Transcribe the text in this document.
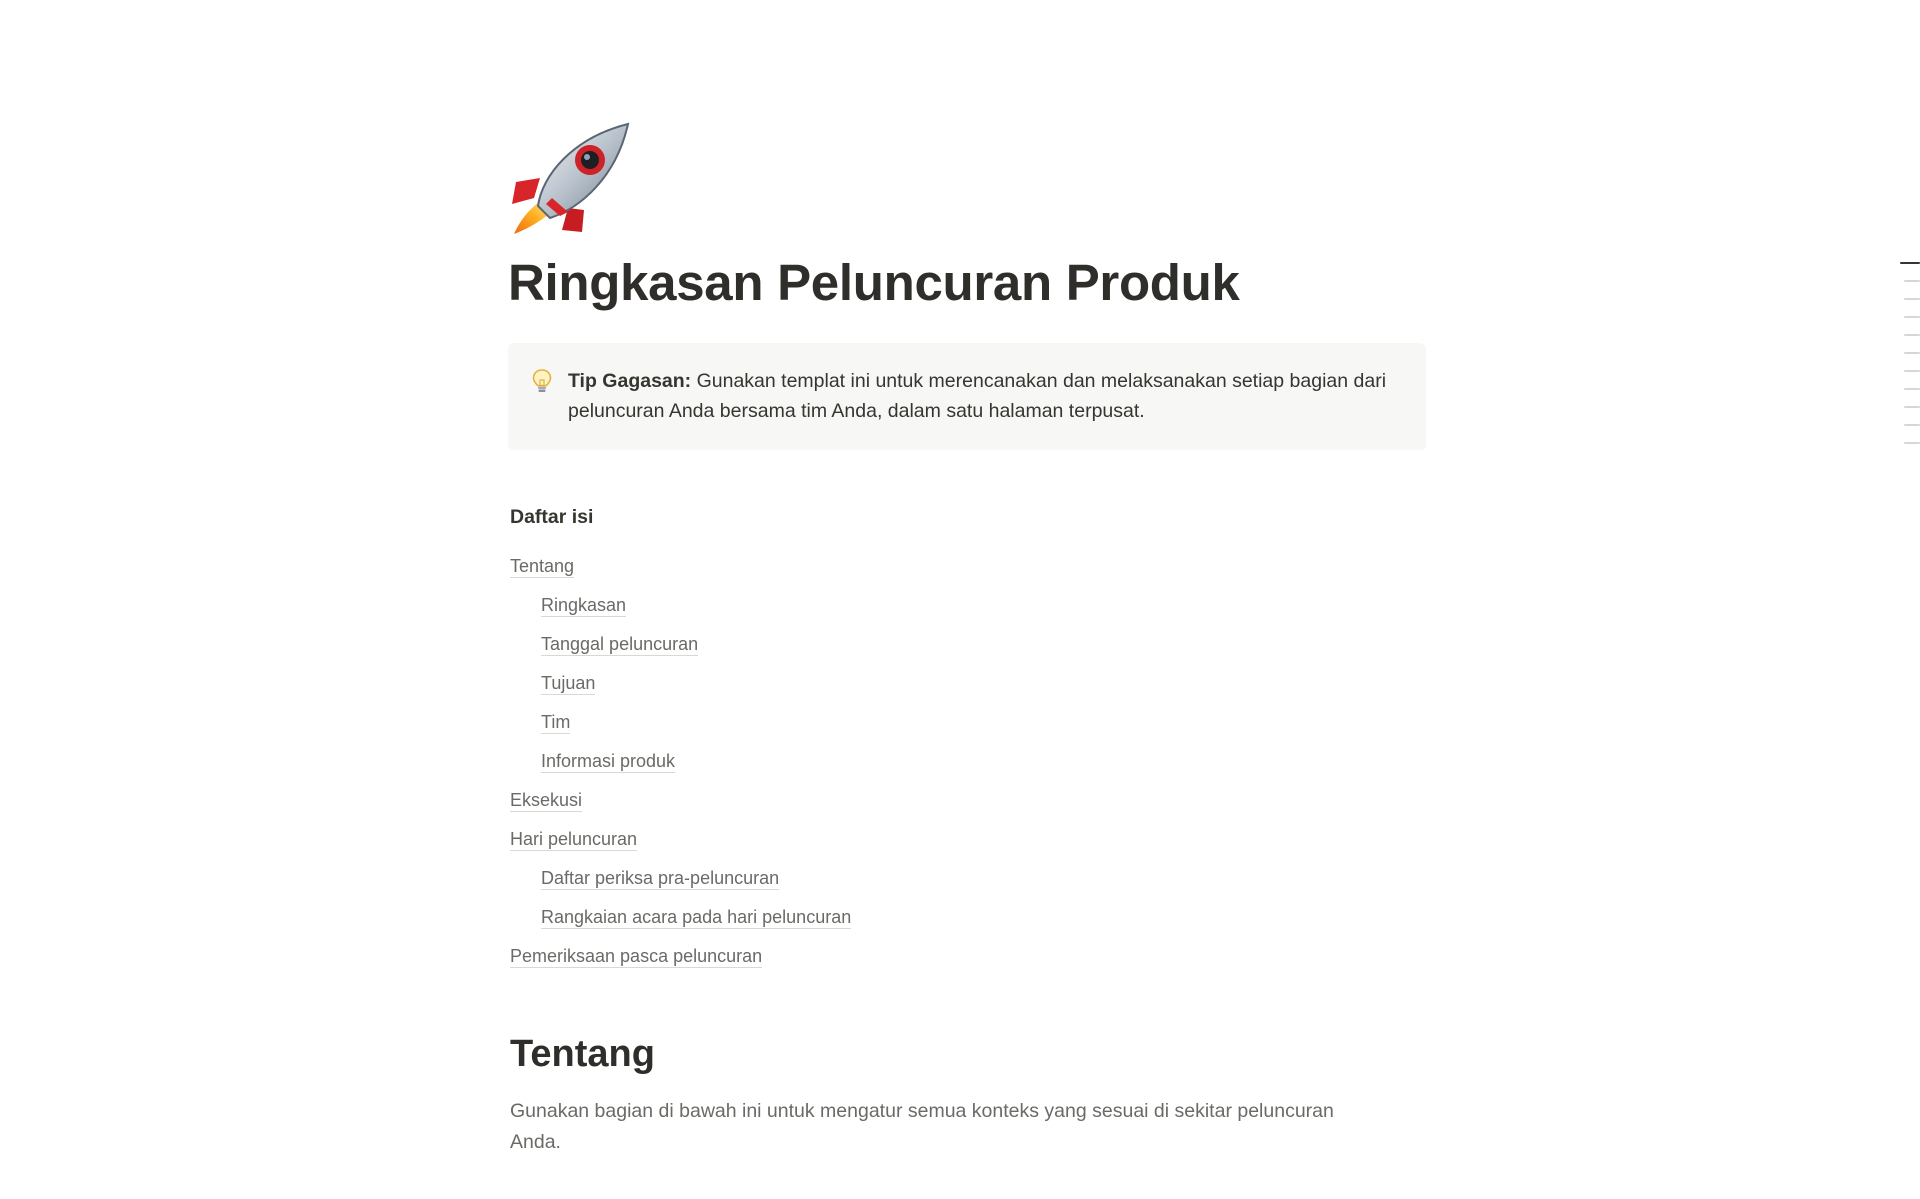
Ringkasan Peluncuran Produk
Tip Gagasan: Gunakan templat ini untuk merencanakan dan melaksanakan setiap bagian dari peluncuran Anda bersama tim Anda, dalam satu halaman terpusat.
Daftar isi
Tentang
Ringkasan
Tanggal peluncuran
Tujuan
Tim
Informasi produk
Eksekusi
Hari peluncuran
Daftar periksa pra-peluncuran
Rangkaian acara pada hari peluncuran
Pemeriksaan pasca peluncuran
Tentang

Gunakan bagian di bawah ini untuk mengatur semua konteks yang sesuai di sekitar peluncuran Anda.
